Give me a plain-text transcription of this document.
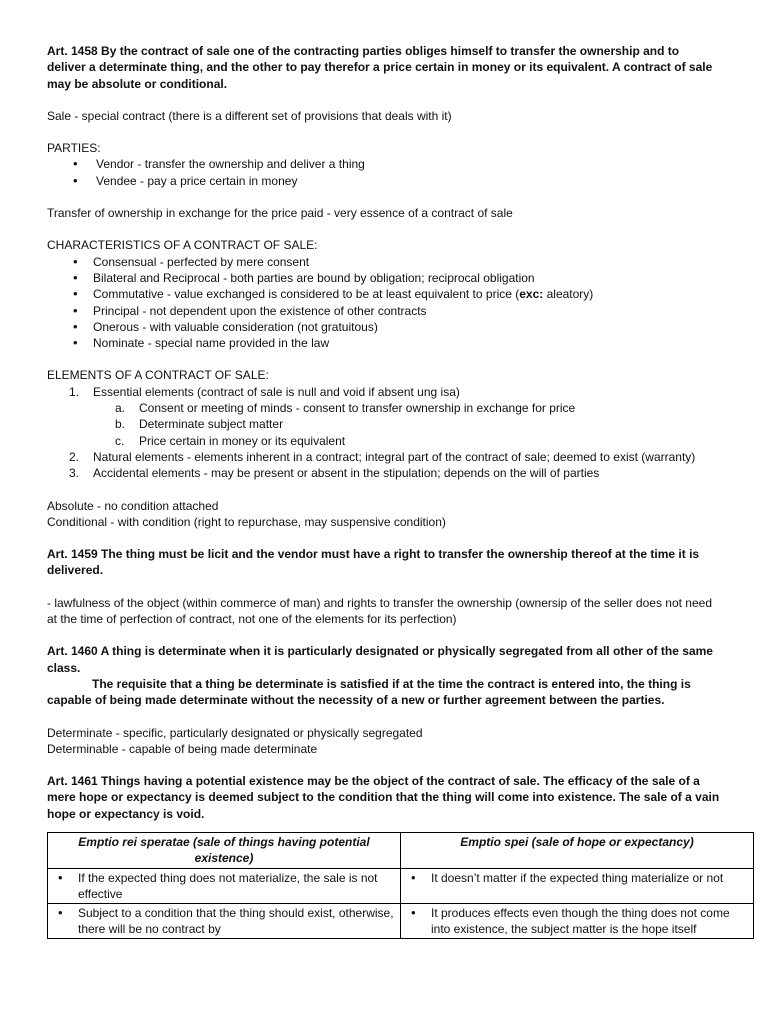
Art. 1458 By the contract of sale one of the contracting parties obliges himself to transfer the ownership and to deliver a determinate thing, and the other to pay therefor a price certain in money or its equivalent. A contract of sale may be absolute or conditional.

Sale - special contract (there is a different set of provisions that deals with it)

PARTIES:

• Vendor - transfer the ownership and deliver a thing
• Vendee - pay a price certain in money

Transfer of ownership in exchange for the price paid - very essence of a contract of sale

CHARACTERISTICS OF A CONTRACT OF SALE:

• Consensual - perfected by mere consent
• Bilateral and Reciprocal - both parties are bound by obligation; reciprocal obligation
• Commutative - value exchanged is considered to be at least equivalent to price (exc: aleatory)
• Principal - not dependent upon the existence of other contracts
• Onerous - with valuable consideration (not gratuitous)
• Nominate - special name provided in the law

ELEMENTS OF A CONTRACT OF SALE:

1. Essential elements (contract of sale is null and void if absent ung isa)
a. Consent or meeting of minds - consent to transfer ownership in exchange for price
b. Determinate subject matter
c. Price certain in money or its equivalent
2. Natural elements - elements inherent in a contract; integral part of the contract of sale; deemed to exist (warranty)
3. Accidental elements - may be present or absent in the stipulation; depends on the will of parties

Absolute - no condition attached

Conditional - with condition (right to repurchase, may suspensive condition)

Art. 1459 The thing must be licit and the vendor must have a right to transfer the ownership thereof at the time it is delivered.

- lawfulness of the object (within commerce of man) and rights to transfer the ownership (ownersip of the seller does not need at the time of perfection of contract, not one of the elements for its perfection)

Art. 1460 A thing is determinate when it is particularly designated or physically segregated from all other of the same class.

The requisite that a thing be determinate is satisfied if at the time the contract is entered into, the thing is capable of being made determinate without the necessity of a new or further agreement between the parties.

Determinate - specific, particularly designated or physically segregated

Determinable - capable of being made determinate

Art. 1461 Things having a potential existence may be the object of the contract of sale. The efficacy of the sale of a mere hope or expectancy is deemed subject to the condition that the thing will come into existence. The sale of a vain hope or expectancy is void.

Emptio rei speratae (sale of things having potential existence)	Emptio spei (sale of hope or expectancy)

• If the expected thing does not materialize, the sale is not effective	• It doesn’t matter if the expected thing materialize or not

• Subject to a condition that the thing should exist, otherwise, there will be no contract by	• It produces effects even though the thing does not come into existence, the subject matter is the hope itself
